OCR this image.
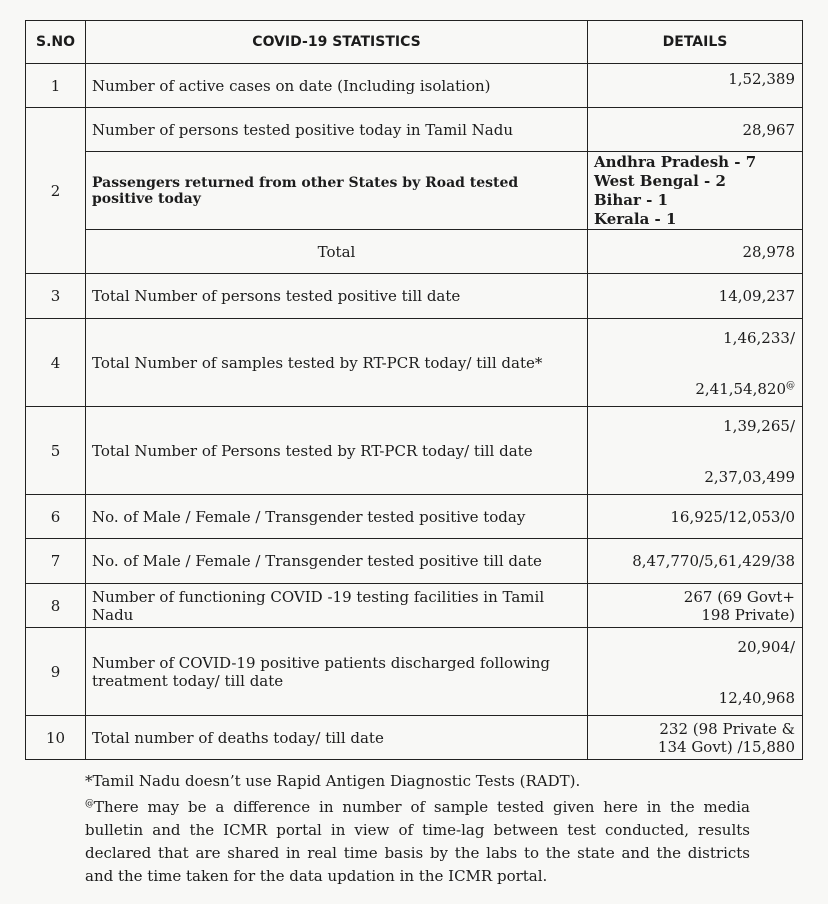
S.NO	COVID-19 STATISTICS	DETAILS
1	Number of active cases on date (Including isolation)	1,52,389
2	Number of persons tested positive today in Tamil Nadu	28,967
	Passengers returned from other States by Road tested positive today	Andhra Pradesh - 7
West Bengal - 2
Bihar - 1
Kerala - 1

	Total	28,978
3	Total Number of persons tested positive till date	14,09,237
4	Total Number of samples tested by RT-PCR today/ till date*	1,46,233/
2,41,54,820@

5	Total Number of Persons tested by RT-PCR today/ till date	1,39,265/
2,37,03,499

6	No. of Male / Female / Transgender tested positive today	16,925/12,053/0
7	No. of Male / Female / Transgender tested positive till date	8,47,770/5,61,429/38
8	Number of functioning COVID -19 testing facilities in Tamil Nadu	267 (69 Govt+
198 Private)

9	Number of COVID-19 positive patients discharged following treatment today/ till date	20,904/
12,40,968

10	Total number of deaths today/ till date	232 (98 Private &
134 Govt) /15,880

*Tamil Nadu doesn’t use Rapid Antigen Diagnostic Tests (RADT).

@There may be a difference in number of sample tested given here in the media bulletin and the ICMR portal in view of time-lag between test conducted, results declared that are shared in real time basis by the labs to the state and the districts and the time taken for the data updation in the ICMR portal.
